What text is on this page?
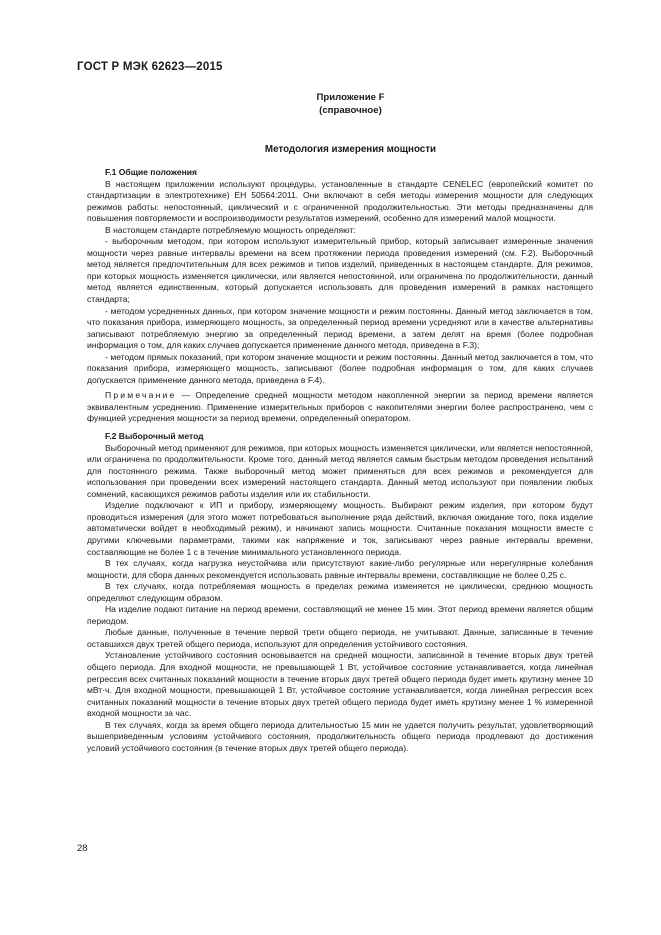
ГОСТ Р МЭК 62623—2015
Приложение F
(справочное)
Методология измерения мощности

F.1 Общие положения

В настоящем приложении используют процедуры, установленные в стандарте CENELEC (европейский комитет по стандартизации в электротехнике) ЕН 50564:2011. Они включают в себя методы измерения мощности для следующих режимов работы: непостоянный, циклический и с ограниченной продолжительностью. Эти методы предназначены для повышения повторяемости и воспроизводимости результатов измерений, особенно для измерений малой мощности.

В настоящем стандарте потребляемую мощность определяют:

- выборочным методом, при котором используют измерительный прибор, который записывает измеренные значения мощности через равные интервалы времени на всем протяжении периода проведения измерений (см. F.2). Выборочный метод является предпочтительным для всех режимов и типов изделий, приведенных в настоящем стандарте. Для режимов, при которых мощность изменяется циклически, или является непостоянной, или ограничена по продолжительности, данный метод является единственным, который допускается использовать для проведения измерений в рамках настоящего стандарта;

- методом усредненных данных, при котором значение мощности и режим постоянны. Данный метод заключается в том, что показания прибора, измеряющего мощность, за определенный период времени усредняют или в качестве альтернативы записывают потребляемую энергию за определенный период времени, а затем делят на время (более подробная информация о том, для каких случаев допускается применение данного метода, приведена в F.3);

- методом прямых показаний, при котором значение мощности и режим постоянны. Данный метод заключается в том, что показания прибора, измеряющего мощность, записывают (более подробная информация о том, для каких случаев допускается применение данного метода, приведена в F.4).

Примечание — Определение средней мощности методом накопленной энергии за период времени является эквивалентным усреднению. Применение измерительных приборов с накопителями энергии более распространено, чем с функцией усреднения мощности за период времени, определенный оператором.

F.2 Выборочный метод

Выборочный метод применяют для режимов, при которых мощность изменяется циклически, или является непостоянной, или ограничена по продолжительности. Кроме того, данный метод является самым быстрым методом проведения испытаний для постоянного режима. Также выборочный метод может применяться для всех режимов и рекомендуется для использования при проведении всех измерений настоящего стандарта. Данный метод используют при появлении любых сомнений, касающихся режимов работы изделия или их стабильности.

Изделие подключают к ИП и прибору, измеряющему мощность. Выбирают режим изделия, при котором будут проводиться измерения (для этого может потребоваться выполнение ряда действий, включая ожидание того, пока изделие автоматически войдет в необходимый режим), и начинают запись мощности. Считанные показания мощности вместе с другими ключевыми параметрами, такими как напряжение и ток, записывают через равные интервалы времени, составляющие не более 1 с в течение минимального установленного периода.

В тех случаях, когда нагрузка неустойчива или присутствуют какие-либо регулярные или нерегулярные колебания мощности, для сбора данных рекомендуется использовать равные интервалы времени, составляющие не более 0,25 с.

В тех случаях, когда потребляемая мощность в пределах режима изменяется не циклически, среднюю мощность определяют следующим образом.

На изделие подают питание на период времени, составляющий не менее 15 мин. Этот период времени является общим периодом.

Любые данные, полученные в течение первой трети общего периода, не учитывают. Данные, записанные в течение оставшихся двух третей общего периода, используют для определения устойчивого состояния.

Установление устойчивого состояния основывается на средней мощности, записанной в течение вторых двух третей общего периода. Для входной мощности, не превышающей 1 Вт, устойчивое состояние устанавливается, когда линейная регрессия всех считанных показаний мощности в течение вторых двух третей общего периода будет иметь крутизну менее 10 мВт·ч. Для входной мощности, превышающей 1 Вт, устойчивое состояние устанавливается, когда линейная регрессия всех считанных показаний мощности в течение вторых двух третей общего периода будет иметь крутизну менее 1 % измеренной входной мощности за час.

В тех случаях, когда за время общего периода длительностью 15 мин не удается получить результат, удовлетворяющий вышеприведенным условиям устойчивого состояния, продолжительность общего периода продлевают до достижения условий устойчивого состояния (в течение вторых двух третей общего периода).

28
